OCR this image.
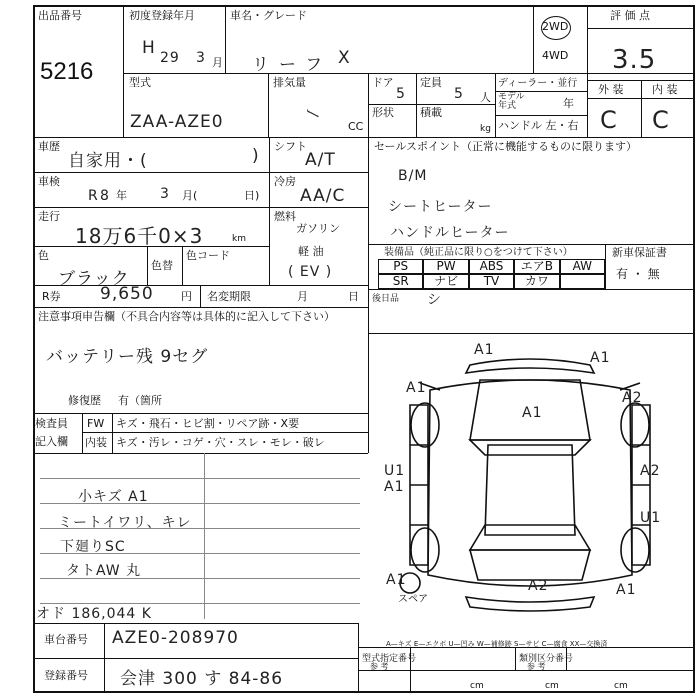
出品番号
5216
初度登録年月
H 29 3 月
車名・グレード
リーフ X
2WD
4WD
評 価 点
3.5
外 装	内 装
C C
型式
ZAA-AZE0
排気量
ー CC
ドア
5
定員
5 人
ディーラー・並行
モデル
年式	年
形状 積載
kg ハンドル 左・右
車歴
自家用・(	) シフト
A/T
セールスポイント（正常に機能するものに限ります）
車検
R 8 年 3 月(	日)
冷房
AA/C
走行
18万6千0×3	km
燃料
ガソリン
軽 油
( EV )
色
ブラック
色替
色コード
R券 9,650 円 名変期限	月	日
B/M
シートヒーター
ハンドルヒーター
装備品（純正品に限り○をつけて下さい）	新車保証書
有 ・ 無
PS	PW	ABS	エアB	AW
SR	ナビ	TV	カワ
後日品 シ
注意事項申告欄（不具合内容等は具体的に記入して下さい）
バッテリー残 9セグ
修復歴 有（箇所
検査員
記入欄
FW キズ・飛石・ヒビ割・リペア跡・X要
内装 キズ・汚レ・コゲ・穴・スレ・モレ・破レ
小キズ A1
ミートイワリ、キレ
下廻りSC
タトAW 丸
オド 186,044 K
車台番号 AZE0-208970
登録番号 会津 300 す 84-86
A—キズ E—エクボ U—凹み W—補修跡 S—サビ C—腐食 XX—交換済
型式指定番号
参 考
類別区分番号
参 考
cm	cm	cm
A1	A1
A1
A2
A1
U1
A1
A2
U1
A1	A2	A1
スペア
